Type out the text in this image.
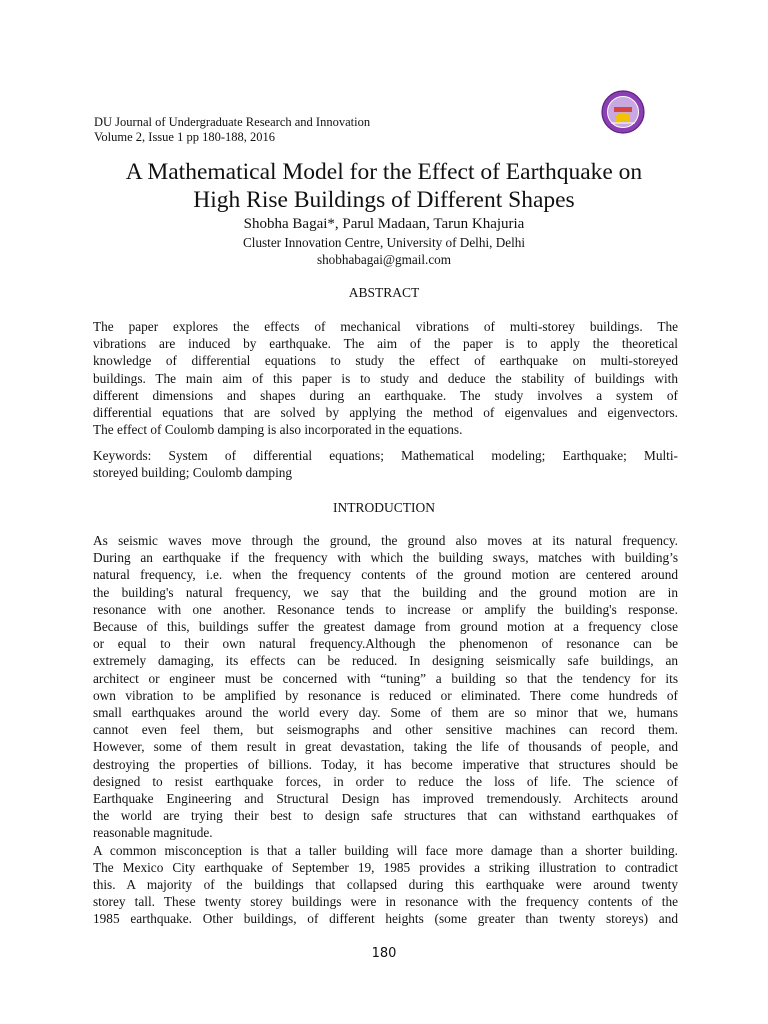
DU Journal of Undergraduate Research and Innovation
Volume 2, Issue 1 pp 180-188, 2016
A Mathematical Model for the Effect of Earthquake on
High Rise Buildings of Different Shapes
Shobha Bagai*, Parul Madaan, Tarun Khajuria
Cluster Innovation Centre, University of Delhi, Delhi
shobhabagai@gmail.com
ABSTRACT
The paper explores the effects of mechanical vibrations of multi-storey buildings. The
vibrations are induced by earthquake. The aim of the paper is to apply the theoretical
knowledge of differential equations to study the effect of earthquake on multi-storeyed
buildings. The main aim of this paper is to study and deduce the stability of buildings with
different dimensions and shapes during an earthquake. The study involves a system of
differential equations that are solved by applying the method of eigenvalues and eigenvectors.
The effect of Coulomb damping is also incorporated in the equations.
Keywords: System of differential equations; Mathematical modeling; Earthquake; Multi-
storeyed building; Coulomb damping
INTRODUCTION
As seismic waves move through the ground, the ground also moves at its natural frequency.
During an earthquake if the frequency with which the building sways, matches with building’s
natural frequency, i.e. when the frequency contents of the ground motion are centered around
the building's natural frequency, we say that the building and the ground motion are in
resonance with one another. Resonance tends to increase or amplify the building's response.
Because of this, buildings suffer the greatest damage from ground motion at a frequency close
or equal to their own natural frequency.Although the phenomenon of resonance can be
extremely damaging, its effects can be reduced. In designing seismically safe buildings, an
architect or engineer must be concerned with “tuning” a building so that the tendency for its
own vibration to be amplified by resonance is reduced or eliminated. There come hundreds of
small earthquakes around the world every day. Some of them are so minor that we, humans
cannot even feel them, but seismographs and other sensitive machines can record them.
However, some of them result in great devastation, taking the life of thousands of people, and
destroying the properties of billions. Today, it has become imperative that structures should be
designed to resist earthquake forces, in order to reduce the loss of life. The science of
Earthquake Engineering and Structural Design has improved tremendously. Architects around
the world are trying their best to design safe structures that can withstand earthquakes of
reasonable magnitude.
A common misconception is that a taller building will face more damage than a shorter building.
The Mexico City earthquake of September 19, 1985 provides a striking illustration to contradict
this. A majority of the buildings that collapsed during this earthquake were around twenty
storey tall. These twenty storey buildings were in resonance with the frequency contents of the
1985 earthquake. Other buildings, of different heights (some greater than twenty storeys) and
180
